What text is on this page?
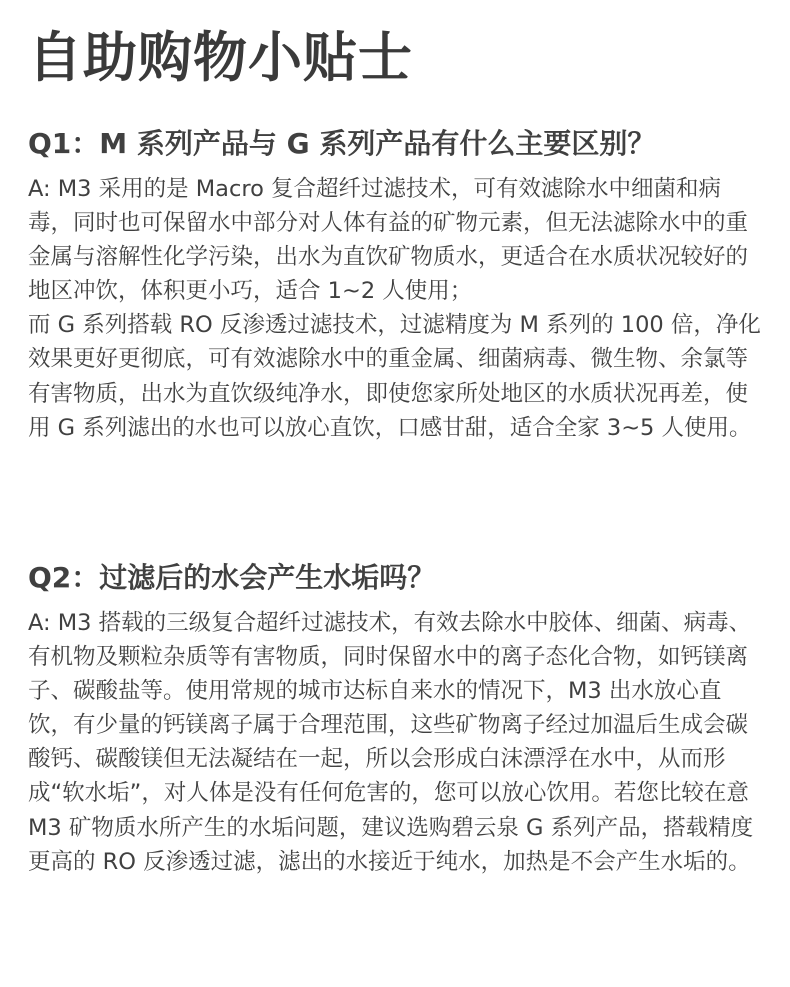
自助购物小贴士
Q1：M 系列产品与 G 系列产品有什么主要区别？

A: M3 采用的是 Macro 复合超纤过滤技术，可有效滤除水中细菌和病毒，同时也可保留水中部分对人体有益的矿物元素，但无法滤除水中的重金属与溶解性化学污染，出水为直饮矿物质水，更适合在水质状况较好的地区冲饮，体积更小巧，适合 1~2 人使用；

而 G 系列搭载 RO 反渗透过滤技术，过滤精度为 M 系列的 100 倍，净化效果更好更彻底，可有效滤除水中的重金属、细菌病毒、微生物、余氯等有害物质，出水为直饮级纯净水，即使您家所处地区的水质状况再差，使用 G 系列滤出的水也可以放心直饮，口感甘甜，适合全家 3~5 人使用。

Q2：过滤后的水会产生水垢吗？

A: M3 搭载的三级复合超纤过滤技术，有效去除水中胶体、细菌、病毒、有机物及颗粒杂质等有害物质，同时保留水中的离子态化合物，如钙镁离子、碳酸盐等。使用常规的城市达标自来水的情况下，M3 出水放心直饮，有少量的钙镁离子属于合理范围，这些矿物离子经过加温后生成会碳酸钙、碳酸镁但无法凝结在一起，所以会形成白沫漂浮在水中，从而形成“软水垢”，对人体是没有任何危害的，您可以放心饮用。若您比较在意 M3 矿物质水所产生的水垢问题，建议选购碧云泉 G 系列产品，搭载精度更高的 RO 反渗透过滤，滤出的水接近于纯水，加热是不会产生水垢的。
